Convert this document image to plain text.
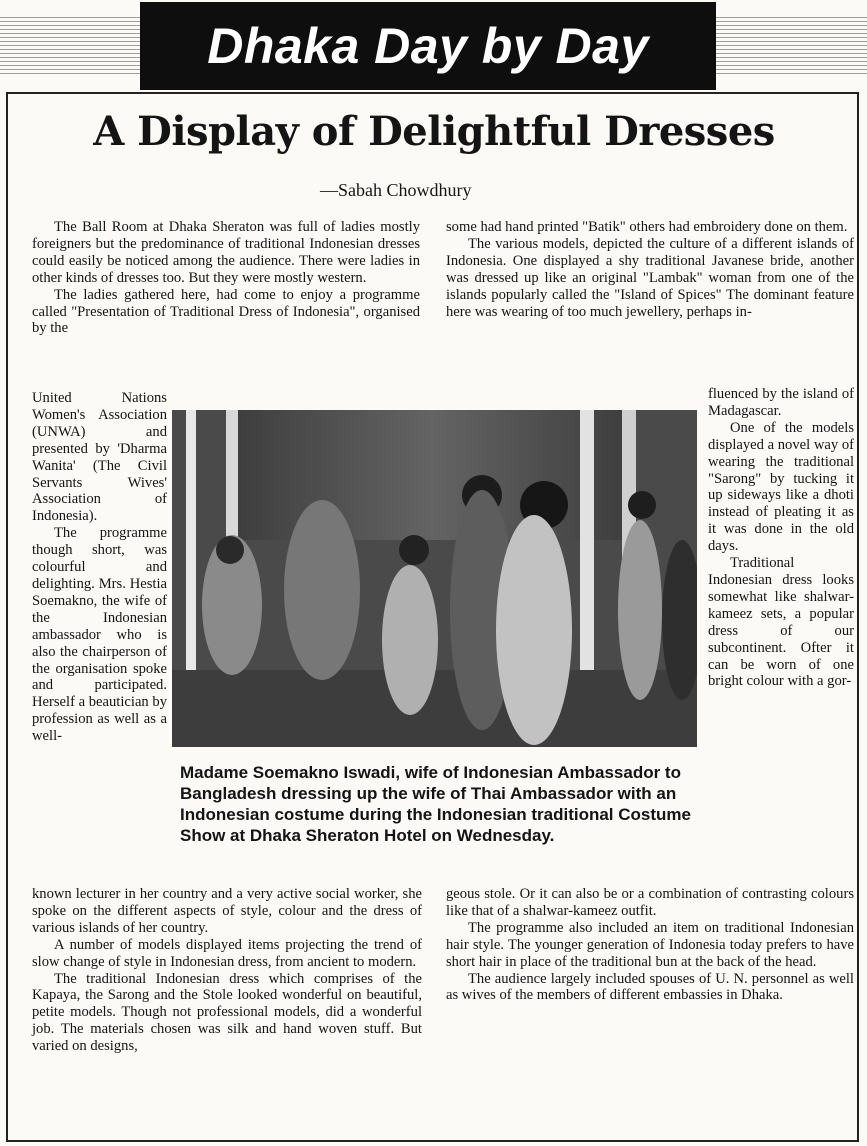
Dhaka Day by Day
A Display of Delightful Dresses
—Sabah Chowdhury

The Ball Room at Dhaka Sheraton was full of ladies mostly foreigners but the predominance of traditional Indonesian dresses could easily be noticed among the audience. There were ladies in other kinds of dresses too. But they were mostly western.

The ladies gathered here, had come to enjoy a programme called "Presentation of Traditional Dress of Indonesia", organised by the

United Nations Women's Association (UNWA) and presented by 'Dharma Wanita' (The Civil Servants Wives' Association of Indonesia).

The programme though short, was colourful and delighting. Mrs. Hestia Soemakno, the wife of the Indonesian ambassador who is also the chairperson of the organisation spoke and participated. Herself a beautician by profession as well as a well-

known lecturer in her country and a very active social worker, she spoke on the different aspects of style, colour and the dress of various islands of her country.

A number of models displayed items projecting the trend of slow change of style in Indonesian dress, from ancient to modern.

The traditional Indonesian dress which comprises of the Kapaya, the Sarong and the Stole looked wonderful on beautiful, petite models. Though not professional models, did a wonderful job. The materials chosen was silk and hand woven stuff. But varied on designs,

some had hand printed "Batik" others had embroidery done on them.

The various models, depicted the culture of a different islands of Indonesia. One displayed a shy traditional Javanese bride, another was dressed up like an original "Lambak" woman from one of the islands popularly called the "Island of Spices" The dominant feature here was wearing of too much jewellery, perhaps in-

fluenced by the island of Madagascar.

One of the models displayed a novel way of wearing the traditional "Sarong" by tucking it up sideways like a dhoti instead of pleating it as it was done in the old days.

Traditional Indonesian dress looks somewhat like shalwar-kameez sets, a popular dress of our subcontinent. Ofter it can be worn of one bright colour with a gor-

geous stole. Or it can also be or a combination of contrasting colours like that of a shalwar-kameez outfit.

The programme also included an item on traditional Indonesian hair style. The younger generation of Indonesia today prefers to have short hair in place of the traditional bun at the back of the head.

The audience largely included spouses of U. N. personnel as well as wives of the members of different embassies in Dhaka.

Madame Soemakno Iswadi, wife of Indonesian Ambassador to Bangladesh dressing up the wife of Thai Ambassador with an Indonesian costume during the Indonesian traditional Costume Show at Dhaka Sheraton Hotel on Wednesday.
